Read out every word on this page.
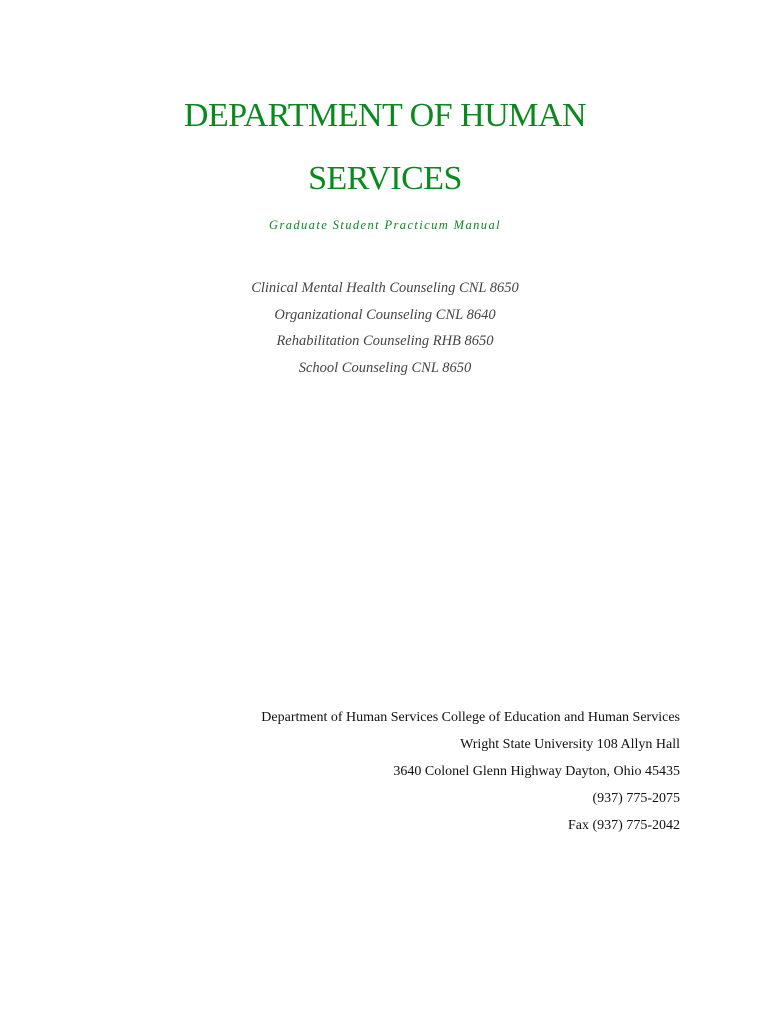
DEPARTMENT OF HUMAN
SERVICES
Graduate Student Practicum Manual
Clinical Mental Health Counseling CNL 8650
Organizational Counseling CNL 8640
Rehabilitation Counseling RHB 8650
School Counseling CNL 8650
Department of Human Services College of Education and Human Services
Wright State University 108 Allyn Hall
3640 Colonel Glenn Highway Dayton, Ohio 45435
(937) 775-2075
Fax (937) 775-2042
